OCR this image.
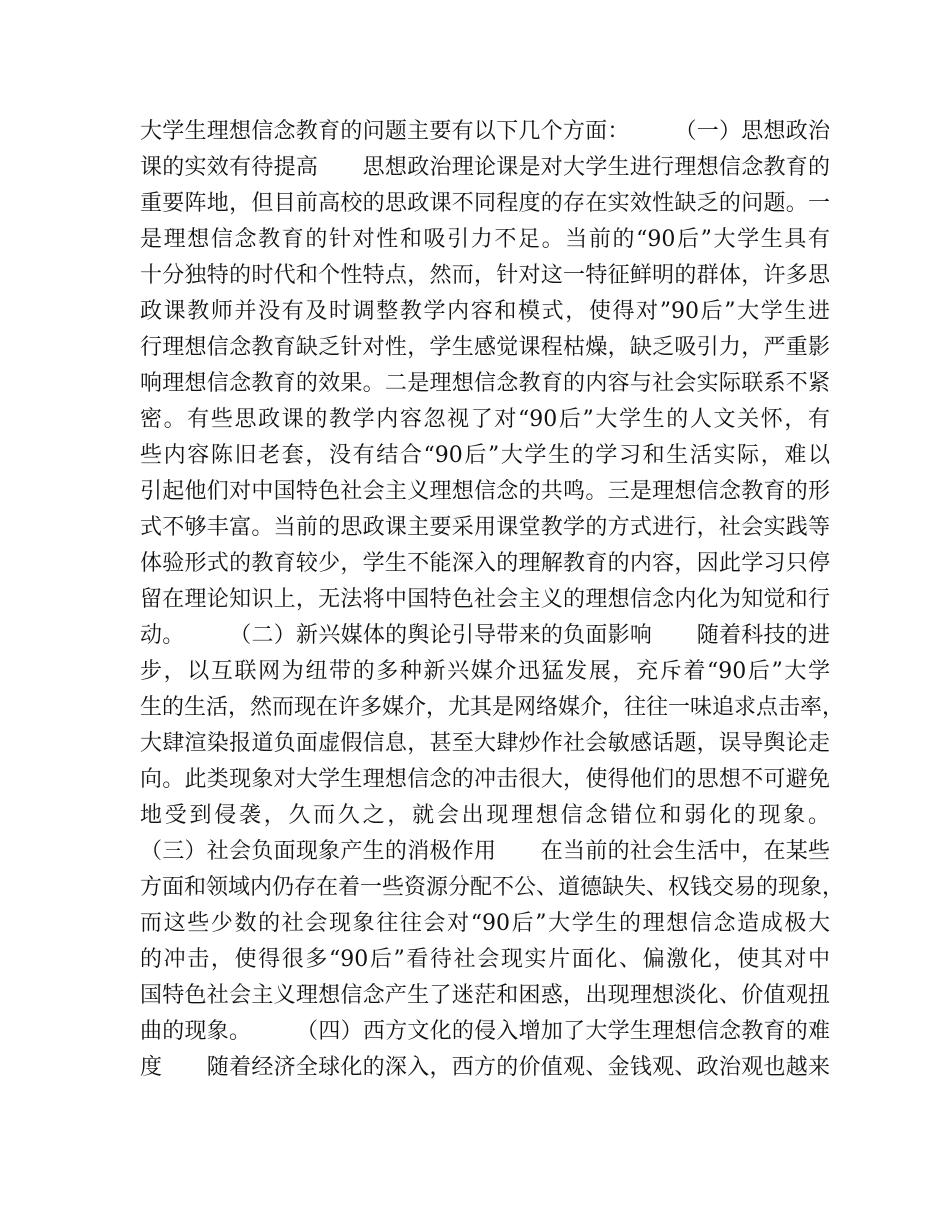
大学生理想信念教育的问题主要有以下几个方面：　　　（一）思想政治
课的实效有待提高　　思想政治理论课是对大学生进行理想信念教育的
重要阵地，但目前高校的思政课不同程度的存在实效性缺乏的问题。一
是理想信念教育的针对性和吸引力不足。当前的“90后”大学生具有
十分独特的时代和个性特点，然而，针对这一特征鲜明的群体，许多思
政课教师并没有及时调整教学内容和模式，使得对”90后”大学生进
行理想信念教育缺乏针对性，学生感觉课程枯燥，缺乏吸引力，严重影
响理想信念教育的效果。二是理想信念教育的内容与社会实际联系不紧
密。有些思政课的教学内容忽视了对“90后”大学生的人文关怀，有
些内容陈旧老套，没有结合“90后”大学生的学习和生活实际，难以
引起他们对中国特色社会主义理想信念的共鸣。三是理想信念教育的形
式不够丰富。当前的思政课主要采用课堂教学的方式进行，社会实践等
体验形式的教育较少，学生不能深入的理解教育的内容，因此学习只停
留在理论知识上，无法将中国特色社会主义的理想信念内化为知觉和行
动。　　　（二）新兴媒体的舆论引导带来的负面影响　　随着科技的进
步，以互联网为纽带的多种新兴媒介迅猛发展，充斥着“90后”大学
生的生活，然而现在许多媒介，尤其是网络媒介，往往一味追求点击率，
大肆渲染报道负面虚假信息，甚至大肆炒作社会敏感话题，误导舆论走
向。此类现象对大学生理想信念的冲击很大，使得他们的思想不可避免
地受到侵袭，久而久之，就会出现理想信念错位和弱化的现象。
（三）社会负面现象产生的消极作用　　在当前的社会生活中，在某些
方面和领域内仍存在着一些资源分配不公、道德缺失、权钱交易的现象，
而这些少数的社会现象往往会对“90后”大学生的理想信念造成极大
的冲击，使得很多“90后”看待社会现实片面化、偏激化，使其对中
国特色社会主义理想信念产生了迷茫和困惑，出现理想淡化、价值观扭
曲的现象。　　　（四）西方文化的侵入增加了大学生理想信念教育的难
度　　随着经济全球化的深入，西方的价值观、金钱观、政治观也越来
